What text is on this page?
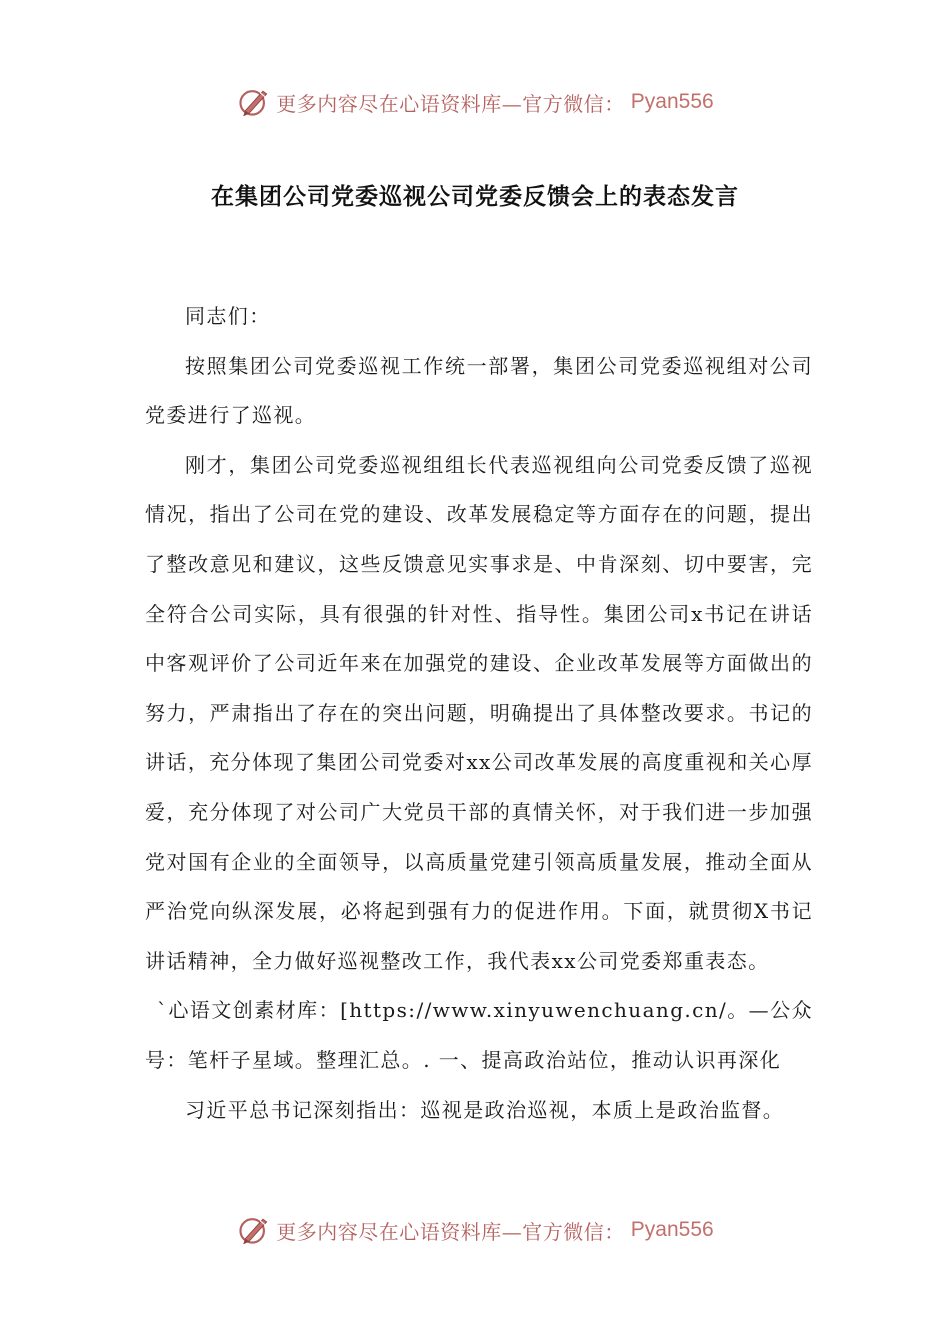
更多内容尽在心语资料库—官方微信： Pyan556
在集团公司党委巡视公司党委反馈会上的表态发言

同志们：

按照集团公司党委巡视工作统一部署，集团公司党委巡视组对公司党委进行了巡视。

刚才，集团公司党委巡视组组长代表巡视组向公司党委反馈了巡视情况，指出了公司在党的建设、改革发展稳定等方面存在的问题，提出了整改意见和建议，这些反馈意见实事求是、中肯深刻、切中要害，完全符合公司实际，具有很强的针对性、指导性。集团公司x书记在讲话中客观评价了公司近年来在加强党的建设、企业改革发展等方面做出的努力，严肃指出了存在的突出问题，明确提出了具体整改要求。书记的讲话，充分体现了集团公司党委对xx公司改革发展的高度重视和关心厚爱，充分体现了对公司广大党员干部的真情关怀，对于我们进一步加强党对国有企业的全面领导，以高质量党建引领高质量发展，推动全面从严治党向纵深发展，必将起到强有力的促进作用。下面，就贯彻X书记讲话精神，全力做好巡视整改工作，我代表xx公司党委郑重表态。

`心语文创素材库：[https://www.xinyuwenchuang.cn/。—公众号：笔杆子星域。整理汇总。. 一、提高政治站位，推动认识再深化

习近平总书记深刻指出：巡视是政治巡视，本质上是政治监督。

更多内容尽在心语资料库—官方微信： Pyan556
